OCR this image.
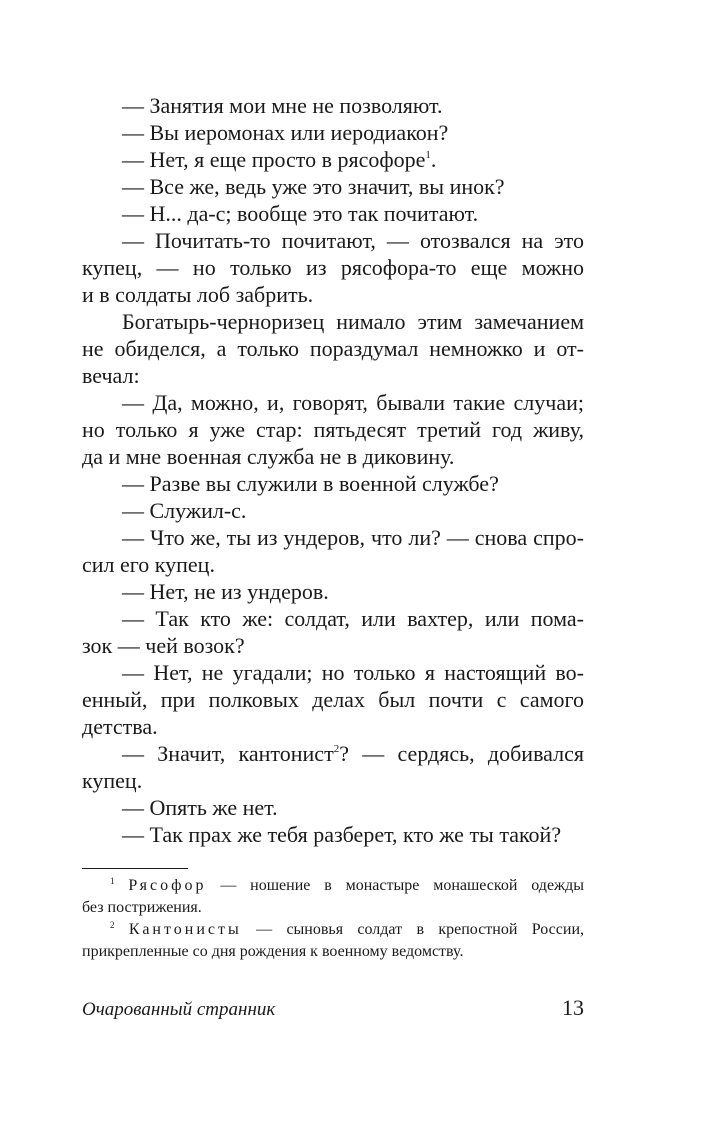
— Занятия мои мне не позволяют.
— Вы иеромонах или иеродиакон?
— Нет, я еще просто в рясофоре$^1$.
— Все же, ведь уже это значит, вы инок?
— Н... да-с; вообще это так почитают.
— Почитать-то почитают, — отозвался на это
купец, — но только из рясофора-то еще можно
и в солдаты лоб забрить.
Богатырь-черноризец нимало этим замечанием
не обиделся, а только пораздумал немножко и от-
вечал:
— Да, можно, и, говорят, бывали такие случаи;
но только я уже стар: пятьдесят третий год живу,
да и мне военная служба не в диковину.
— Разве вы служили в военной службе?
— Служил-с.
— Что же, ты из ундеров, что ли? — снова спро-
сил его купец.
— Нет, не из ундеров.
— Так кто же: солдат, или вахтер, или пома-
зок — чей возок?
— Нет, не угадали; но только я настоящий во-
енный, при полковых делах был почти с самого
детства.
— Значит, кантонист$^2$? — сердясь, добивался
купец.
— Опять же нет.
— Так прах же тебя разберет, кто же ты такой?
$^1$ Рясофор — ношение в монастыре монашеской одежды
без пострижения.
$^2$ Кантонисты — сыновья солдат в крепостной России,
прикрепленные со дня рождения к военному ведомству.
Очарованный странник	13
